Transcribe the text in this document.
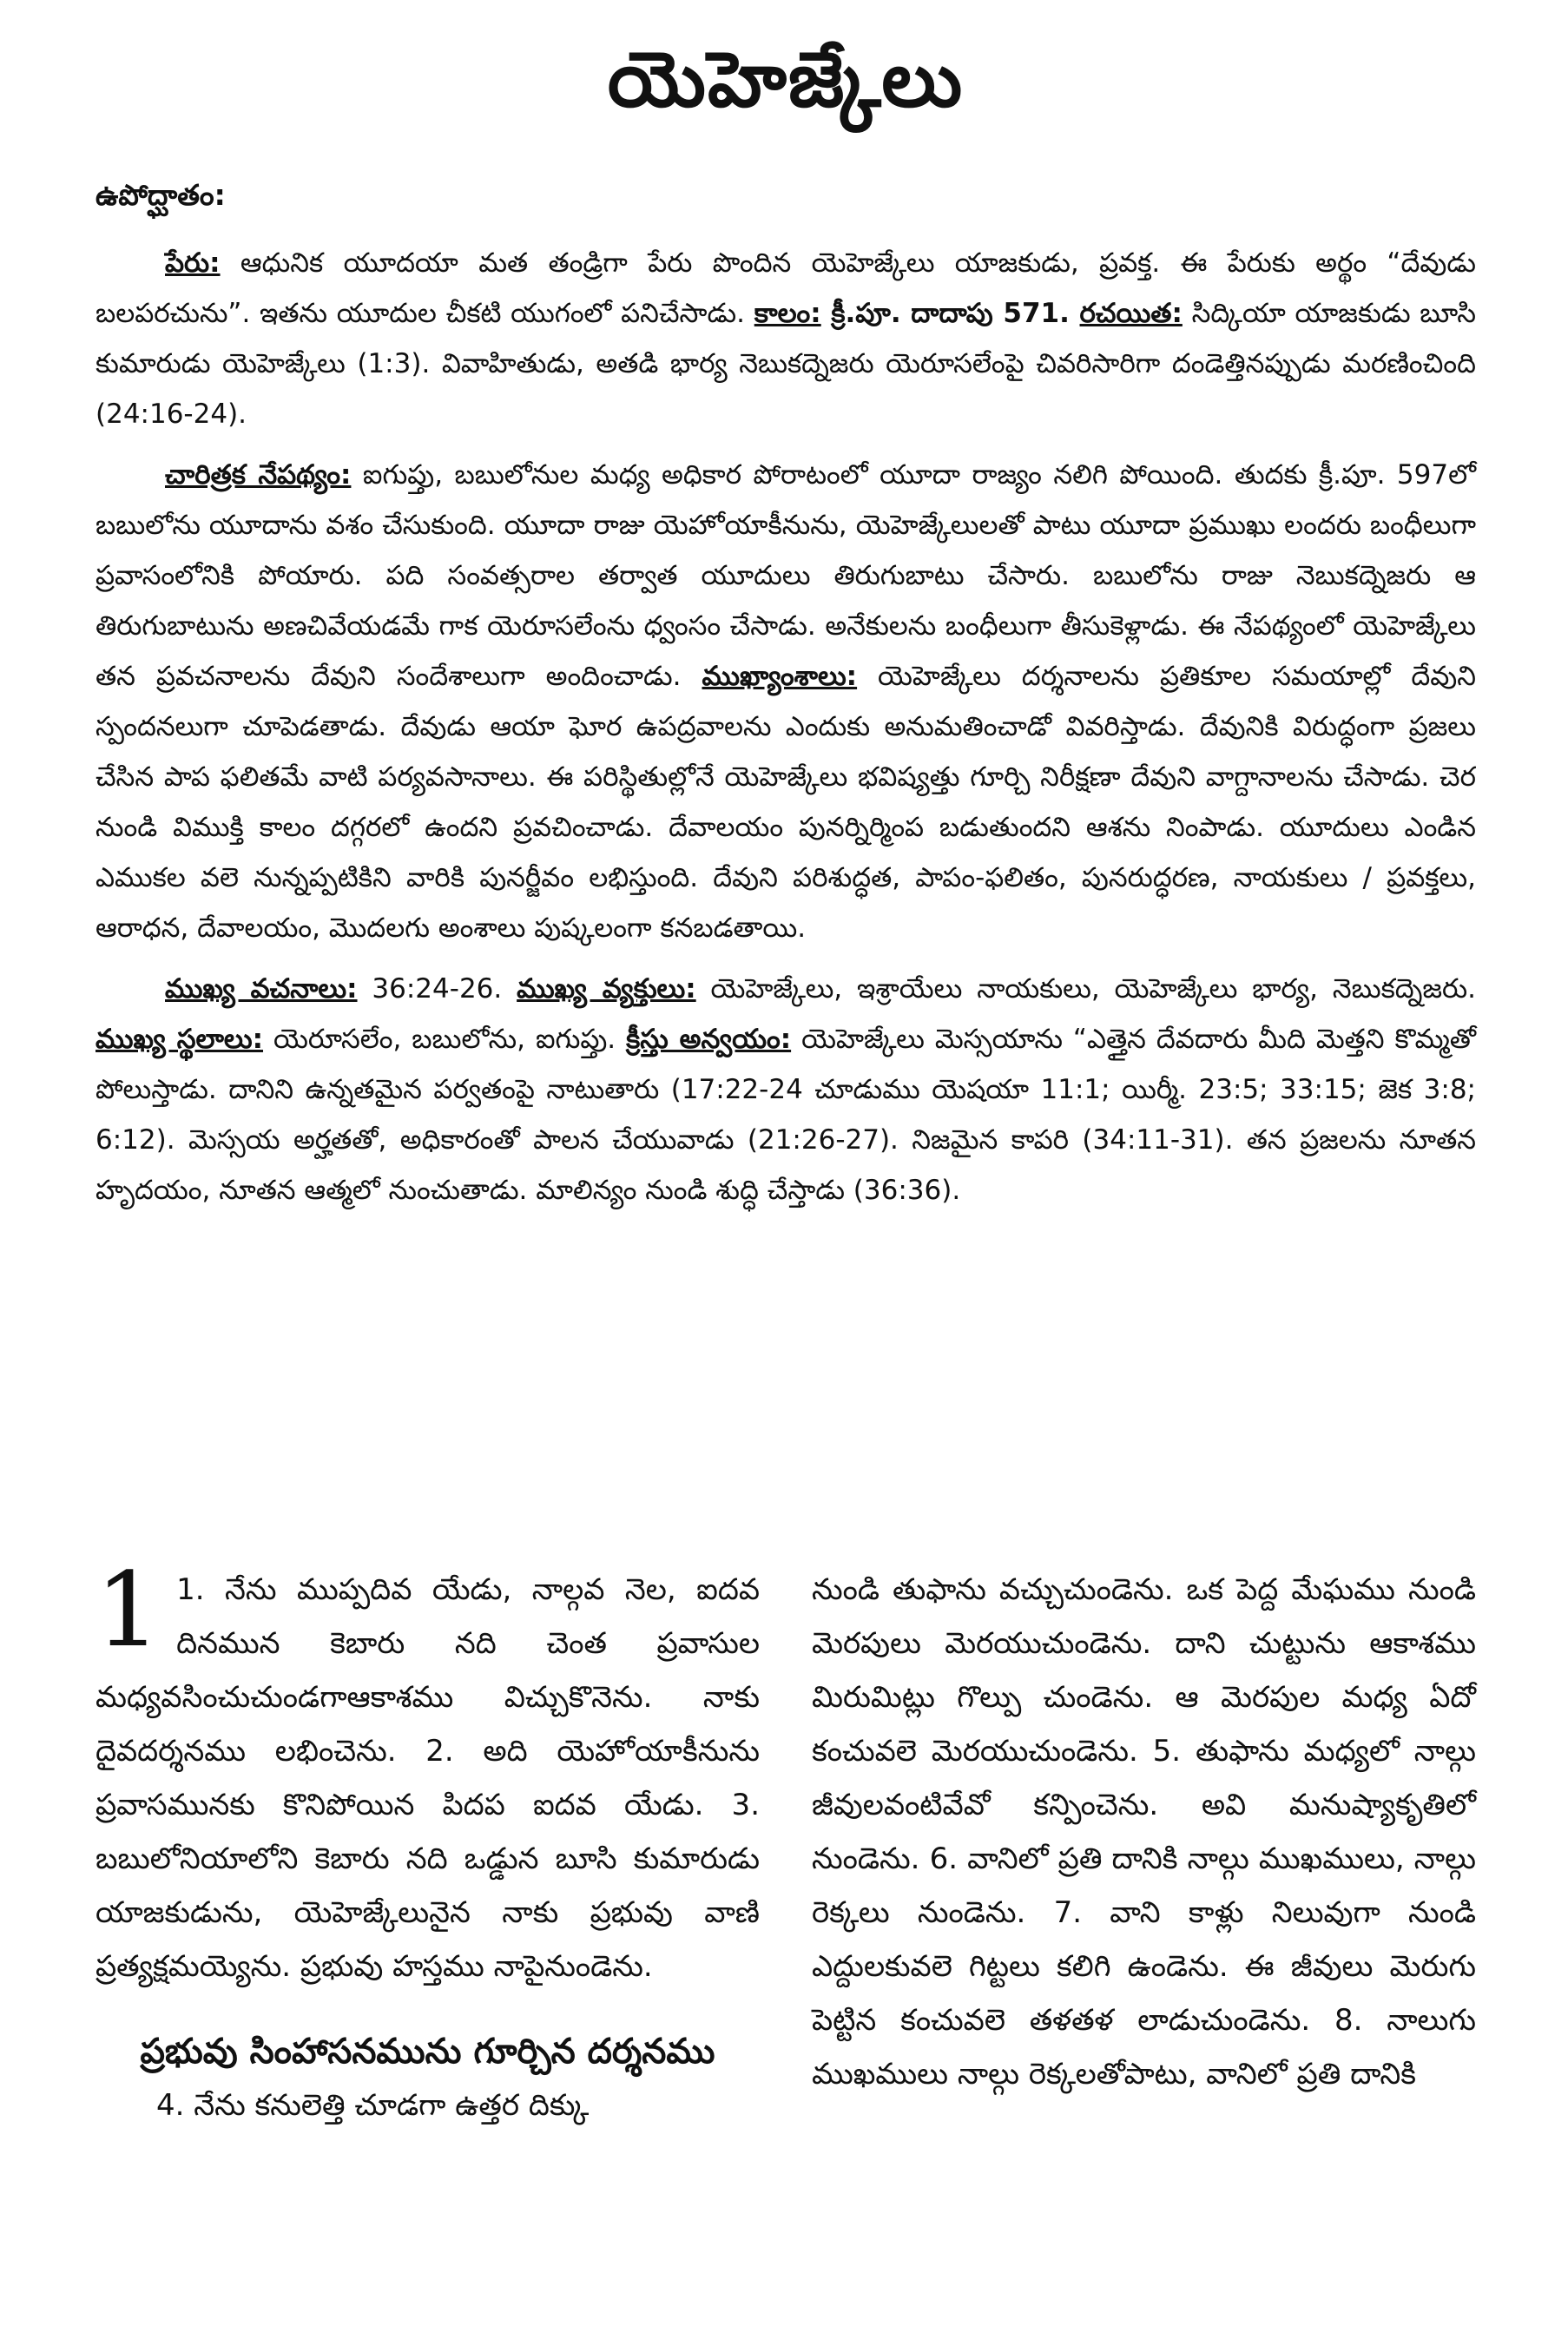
యెహెజ్కేలు
ఉపోద్ఘాతం:

పేరు: ఆధునిక యూదయా మత తండ్రిగా పేరు పొందిన యెహెజ్కేలు యాజకుడు, ప్రవక్త. ఈ పేరుకు అర్థం “దేవుడు బలపరచును”. ఇతను యూదుల చీకటి యుగంలో పనిచేసాడు. కాలం: క్రీ.పూ. దాదాపు 571. రచయిత: సిద్కియా యాజకుడు బూసి కుమారుడు యెహెజ్కేలు (1:3). వివాహితుడు, అతడి భార్య నెబుకద్నెజరు యెరూసలేంపై చివరిసారిగా దండెత్తినప్పుడు మరణించింది (24:16-24).

చారిత్రక నేపథ్యం: ఐగుప్తు, బబులోనుల మధ్య అధికార పోరాటంలో యూదా రాజ్యం నలిగి పోయింది. తుదకు క్రీ.పూ. 597లో బబులోను యూదాను వశం చేసుకుంది. యూదా రాజు యెహోయాకీనును, యెహెజ్కేలులతో పాటు యూదా ప్రముఖు లందరు బంధీలుగా ప్రవాసంలోనికి పోయారు. పది సంవత్సరాల తర్వాత యూదులు తిరుగుబాటు చేసారు. బబులోను రాజు నెబుకద్నెజరు ఆ తిరుగుబాటును అణచివేయడమే గాక యెరూసలేంను ధ్వంసం చేసాడు. అనేకులను బంధీలుగా తీసుకెళ్లాడు. ఈ నేపథ్యంలో యెహెజ్కేలు తన ప్రవచనాలను దేవుని సందేశాలుగా అందించాడు. ముఖ్యాంశాలు: యెహెజ్కేలు దర్శనాలను ప్రతికూల సమయాల్లో దేవుని స్పందనలుగా చూపెడతాడు. దేవుడు ఆయా ఘోర ఉపద్రవాలను ఎందుకు అనుమతించాడో వివరిస్తాడు. దేవునికి విరుద్ధంగా ప్రజలు చేసిన పాప ఫలితమే వాటి పర్యవసానాలు. ఈ పరిస్థితుల్లోనే యెహెజ్కేలు భవిష్యత్తు గూర్చి నిరీక్షణా దేవుని వాగ్దానాలను చేసాడు. చెర నుండి విముక్తి కాలం దగ్గరలో ఉందని ప్రవచించాడు. దేవాలయం పునర్నిర్మింప బడుతుందని ఆశను నింపాడు. యూదులు ఎండిన ఎముకల వలె నున్నప్పటికిని వారికి పునర్జీవం లభిస్తుంది. దేవుని పరిశుద్ధత, పాపం-ఫలితం, పునరుద్ధరణ, నాయకులు / ప్రవక్తలు, ఆరాధన, దేవాలయం, మొదలగు అంశాలు పుష్కలంగా కనబడతాయి.

ముఖ్య వచనాలు: 36:24-26. ముఖ్య వ్యక్తులు: యెహెజ్కేలు, ఇశ్రాయేలు నాయకులు, యెహెజ్కేలు భార్య, నెబుకద్నెజరు. ముఖ్య స్థలాలు: యెరూసలేం, బబులోను, ఐగుప్తు. క్రీస్తు అన్వయం: యెహెజ్కేలు మెస్సయాను “ఎత్తైన దేవదారు మీది మెత్తని కొమ్మతో పోలుస్తాడు. దానిని ఉన్నతమైన పర్వతంపై నాటుతారు (17:22-24 చూడుము యెషయా 11:1; యిర్మీ. 23:5; 33:15; జెక 3:8; 6:12). మెస్సయ అర్హతతో, అధికారంతో పాలన చేయువాడు (21:26-27). నిజమైన కాపరి (34:11-31). తన ప్రజలను నూతన హృదయం, నూతన ఆత్మలో నుంచుతాడు. మాలిన్యం నుండి శుద్ధి చేస్తాడు (36:36).

1 1. నేను ముప్పదివ యేడు, నాల్గవ నెల, ఐదవ దినమున కెబారు నది చెంత ప్రవాసుల మధ్యవసించుచుండగాఆకాశము విచ్చుకొనెను. నాకు దైవదర్శనము లభించెను. 2. అది యెహోయాకీనును ప్రవాసమునకు కొనిపోయిన పిదప ఐదవ యేడు. 3. బబులోనియాలోని కెబారు నది ఒడ్డున బూసి కుమారుడు యాజకుడును, యెహెజ్కేలునైన నాకు ప్రభువు వాణి ప్రత్యక్షమయ్యెను. ప్రభువు హస్తము నాపైనుండెను.
ప్రభువు సింహాసనమును గూర్చిన దర్శనము

4. నేను కనులెత్తి చూడగా ఉత్తర దిక్కు

నుండి తుఫాను వచ్చుచుండెను. ఒక పెద్ద మేఘము నుండి మెరపులు మెరయుచుండెను. దాని చుట్టును ఆకాశము మిరుమిట్లు గొల్పు చుండెను. ఆ మెరపుల మధ్య ఏదో కంచువలె మెరయుచుండెను. 5. తుఫాను మధ్యలో నాల్గు జీవులవంటివేవో కన్పించెను. అవి మనుష్యాకృతిలో నుండెను. 6. వానిలో ప్రతి దానికి నాల్గు ముఖములు, నాల్గు రెక్కలు నుండెను. 7. వాని కాళ్లు నిలువుగా నుండి ఎద్దులకువలె గిట్టలు కలిగి ఉండెను. ఈ జీవులు మెరుగు పెట్టిన కంచువలె తళతళ లాడుచుండెను. 8. నాలుగు ముఖములు నాల్గు రెక్కలతోపాటు, వానిలో ప్రతి దానికి
